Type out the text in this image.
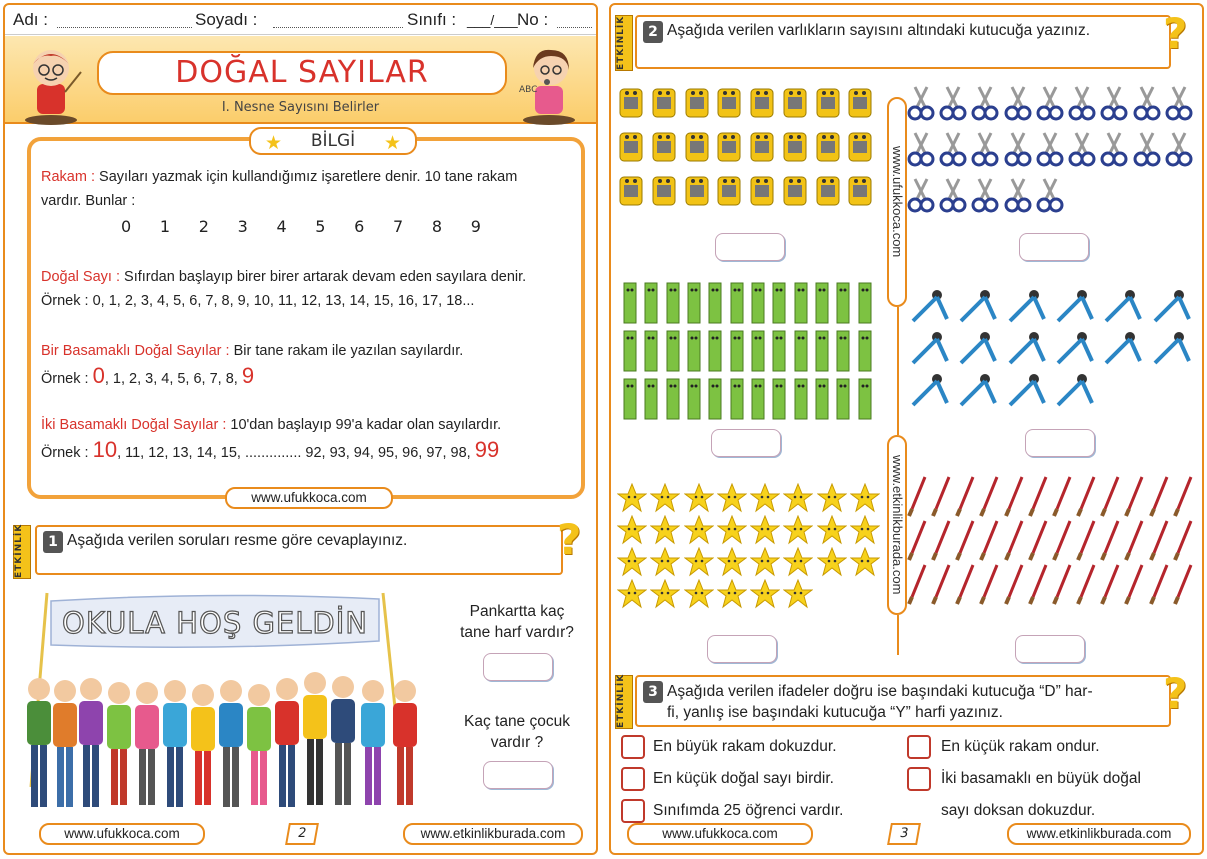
Adı :	Soyadı :	Sınıfı : ___/___ No :
DOĞAL SAYILAR
I. Nesne Sayısını Belirler
ABC
★ BİLGİ ★
Rakam : Sayıları yazmak için kullandığımız işaretlere denir. 10 tane rakam
vardır. Bunlar :
0 1 2 3 4 5 6 7 8 9
Doğal Sayı : Sıfırdan başlayıp birer birer artarak devam eden sayılara denir.
Örnek : 0, 1, 2, 3, 4, 5, 6, 7, 8, 9, 10, 11, 12, 13, 14, 15, 16, 17, 18...
Bir Basamaklı Doğal Sayılar : Bir tane rakam ile yazılan sayılardır.
Örnek : 0, 1, 2, 3, 4, 5, 6, 7, 8, 9
İki Basamaklı Doğal Sayılar : 10'dan başlayıp 99'a kadar olan sayılardır.
Örnek : 10, 11, 12, 13, 14, 15, .............. 92, 93, 94, 95, 96, 97, 98, 99
www.ufukkoca.com
ETKİNLİK	1 Aşağıda verilen soruları resme göre cevaplayınız.	?
OKULA HOŞ GELDİN	Pankartta kaç
tane harf vardır?
Kaç tane çocuk
vardır ?
www.ufukkoca.com	2	www.etkinlikburada.com
ETKİNLİK	2 Aşağıda verilen varlıkların sayısını altındaki kutucuğa yazınız. ?
www.ufukkoca.com
www.etkinlikburada.com
ETKİNLİK	3 Aşağıda verilen ifadeler doğru ise başındaki kutucuğa “D” har-
fi, yanlış ise başındaki kutucuğa “Y” harfi yazınız.	?
En büyük rakam dokuzdur.
En küçük doğal sayı birdir.
Sınıfımda 25 öğrenci vardır.
En küçük rakam ondur.
İki basamaklı en büyük doğal
sayı doksan dokuzdur.
www.ufukkoca.com	3	www.etkinlikburada.com
